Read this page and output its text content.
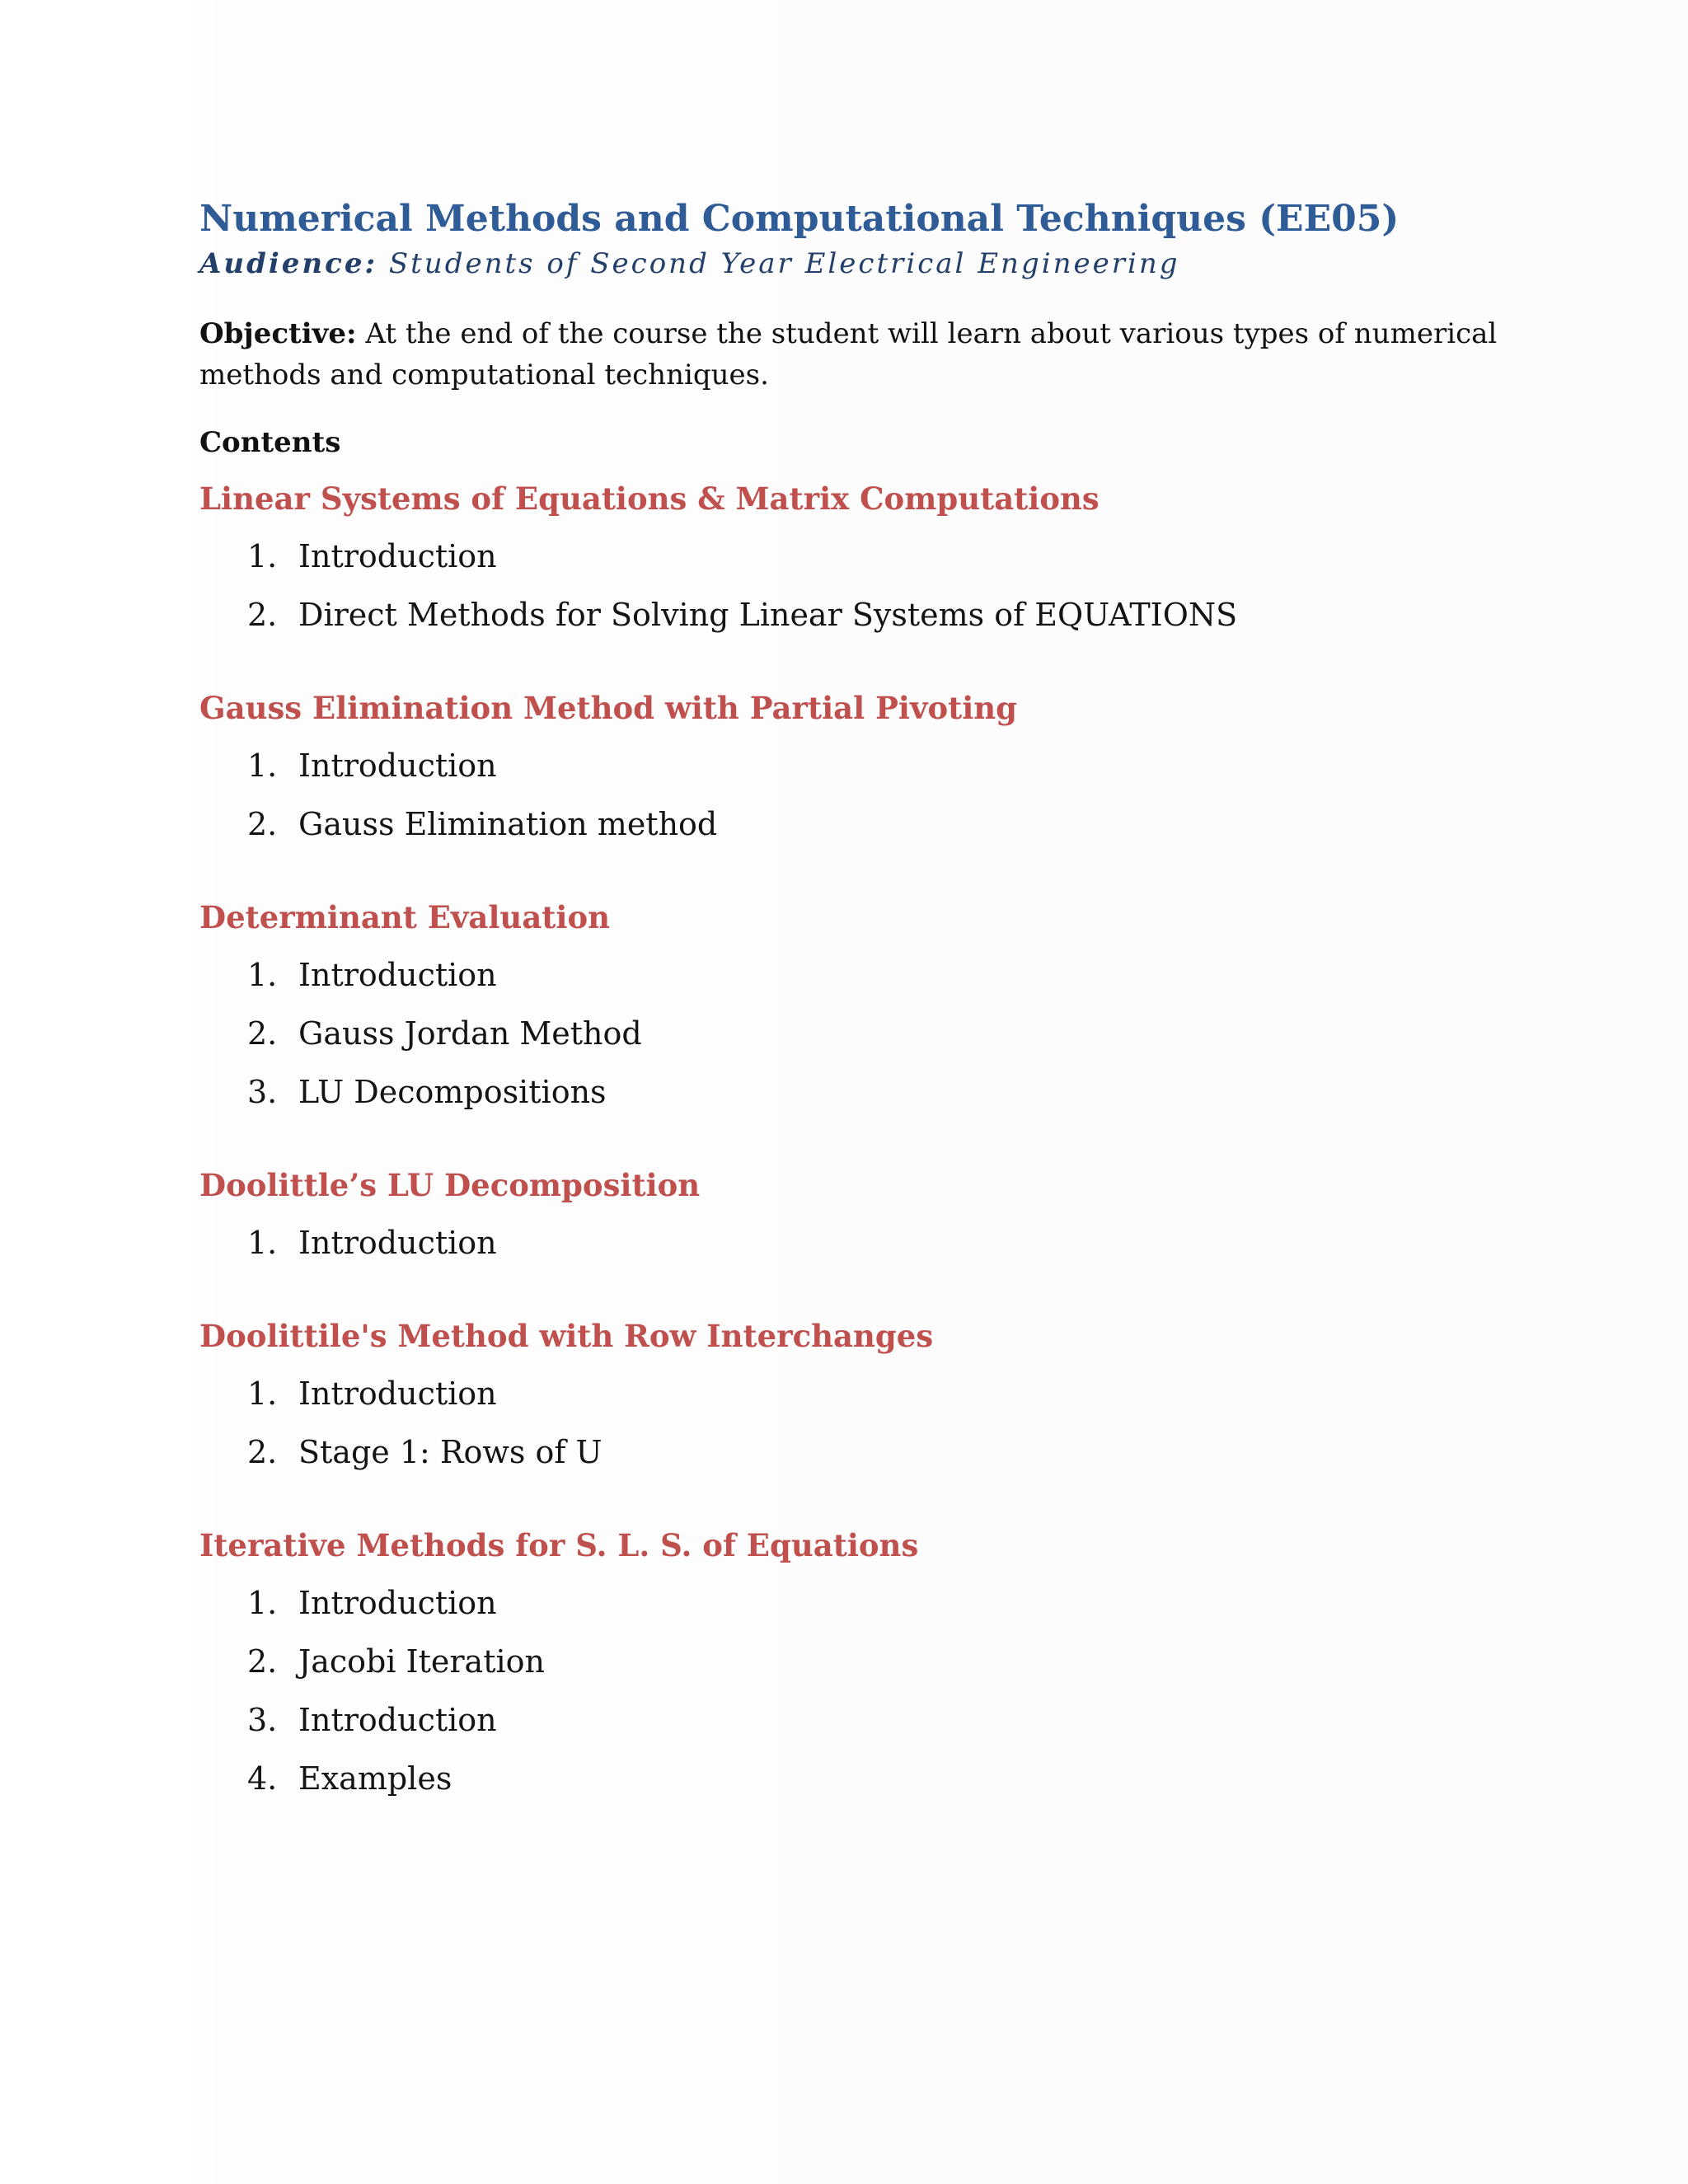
Numerical Methods and Computational Techniques (EE05)

Audience: Students of Second Year Electrical Engineering

Objective: At the end of the course the student will learn about various types of numerical methods and computational techniques.

Contents

Linear Systems of Equations & Matrix Computations
1. Introduction
2. Direct Methods for Solving Linear Systems of EQUATIONS
Gauss Elimination Method with Partial Pivoting
1. Introduction
2. Gauss Elimination method
Determinant Evaluation
1. Introduction
2. Gauss Jordan Method
3. LU Decompositions
Doolittle’s LU Decomposition
1. Introduction
Doolittile's Method with Row Interchanges
1. Introduction
2. Stage 1: Rows of U
Iterative Methods for S. L. S. of Equations
1. Introduction
2. Jacobi Iteration
3. Introduction
4. Examples
